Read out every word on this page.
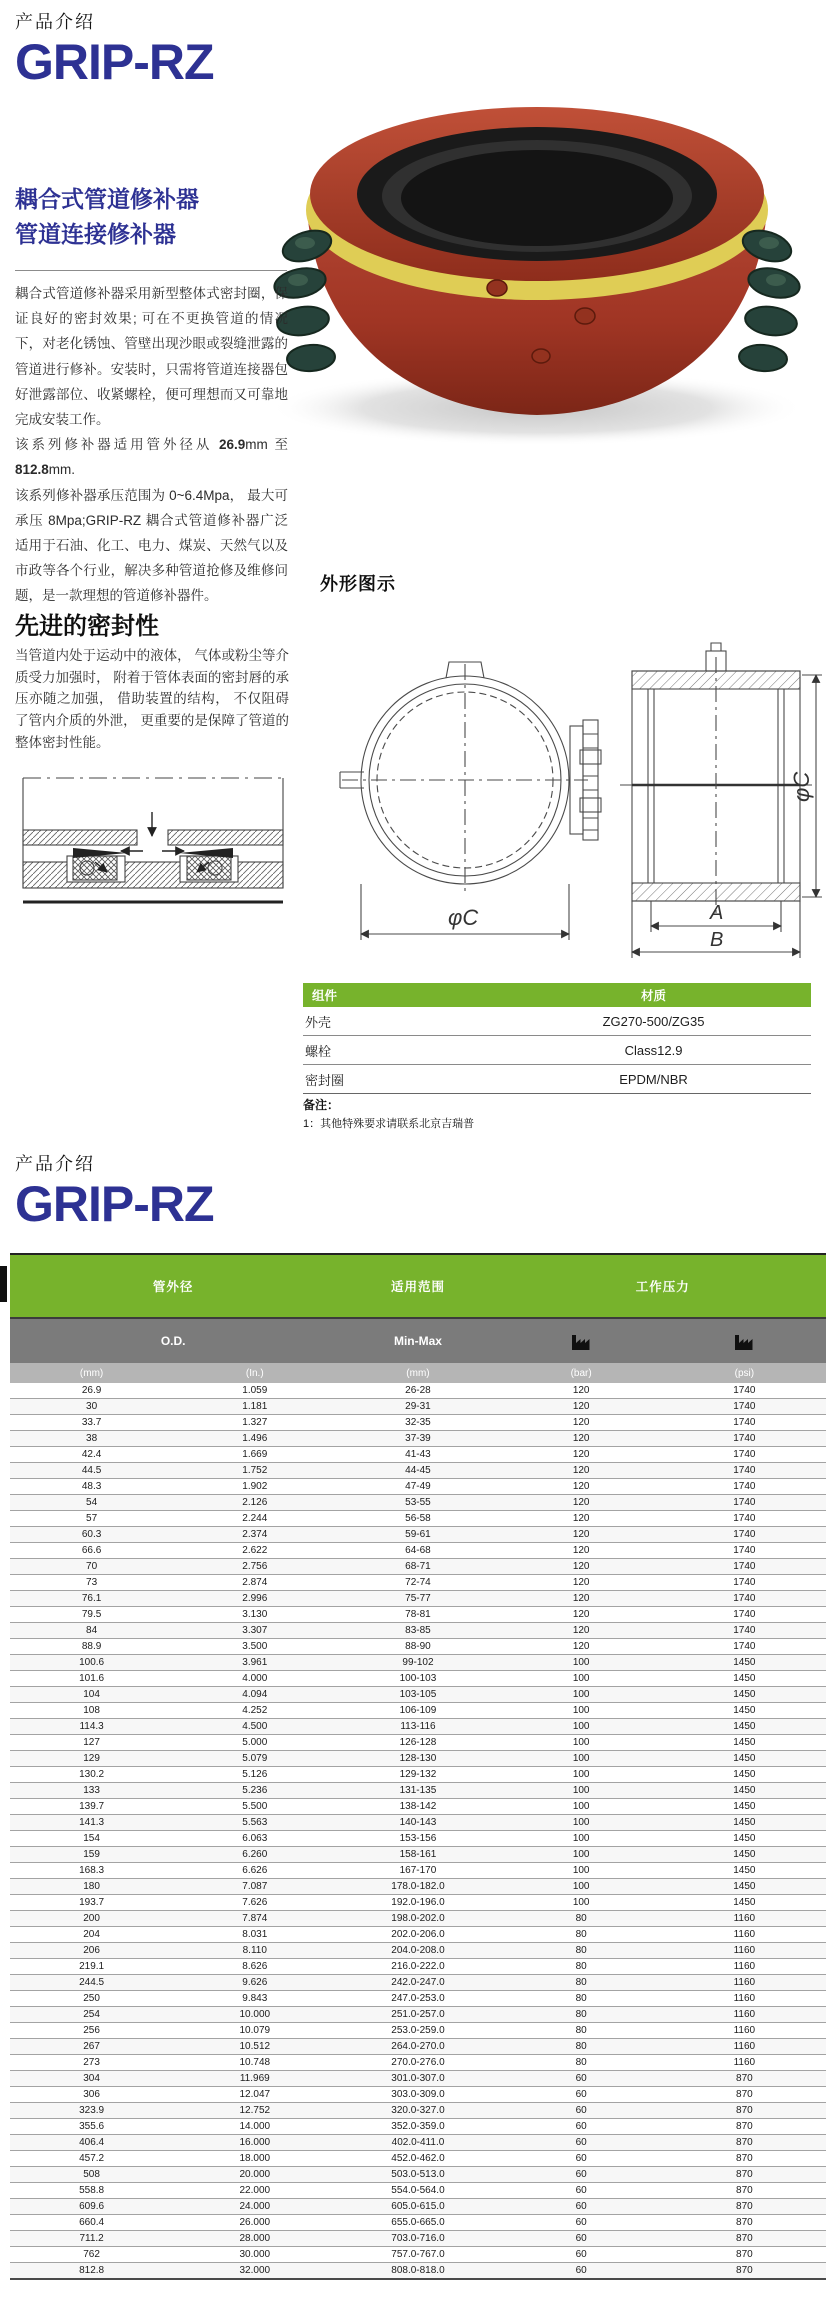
产品介绍
GRIP-RZ
耦合式管道修补器
管道连接修补器

耦合式管道修补器采用新型整体式密封圈，保证良好的密封效果; 可在不更换管道的情况下，对老化锈蚀、管壁出现沙眼或裂缝泄露的管道进行修补。安装时，只需将管道连接器包好泄露部位、收紧螺栓，便可理想而又可靠地完成安装工作。

该系列修补器适用管外径从 26.9mm 至 812.8mm.

该系列修补器承压范围为 0~6.4Mpa， 最大可承压 8Mpa;GRIP-RZ 耦合式管道修补器广泛适用于石油、化工、电力、煤炭、天然气以及市政等各个行业，解决多种管道抢修及维修问题，是一款理想的管道修补器件。

先进的密封性

当管道内处于运动中的液体， 气体或粉尘等介质受力加强时， 附着于管体表面的密封唇的承压亦随之加强， 借助装置的结构， 不仅阻碍了管内介质的外泄， 更重要的是保障了管道的整体密封性能。

外形图示
φC
φC
A
B
组件	材质
外壳	ZG270-500/ZG35
螺栓	Class12.9
密封圈	EPDM/NBR
备注：
1：其他特殊要求请联系北京吉瑞普
产品介绍
GRIP-RZ
管外径		适用范围	工作压力	
O.D.		Min-Max		
(mm)	(In.)	(mm)	(bar)	(psi)
26.9	1.059	26-28	120	1740
30	1.181	29-31	120	1740
33.7	1.327	32-35	120	1740
38	1.496	37-39	120	1740
42.4	1.669	41-43	120	1740
44.5	1.752	44-45	120	1740
48.3	1.902	47-49	120	1740
54	2.126	53-55	120	1740
57	2.244	56-58	120	1740
60.3	2.374	59-61	120	1740
66.6	2.622	64-68	120	1740
70	2.756	68-71	120	1740
73	2.874	72-74	120	1740
76.1	2.996	75-77	120	1740
79.5	3.130	78-81	120	1740
84	3.307	83-85	120	1740
88.9	3.500	88-90	120	1740
100.6	3.961	99-102	100	1450
101.6	4.000	100-103	100	1450
104	4.094	103-105	100	1450
108	4.252	106-109	100	1450
114.3	4.500	113-116	100	1450
127	5.000	126-128	100	1450
129	5.079	128-130	100	1450
130.2	5.126	129-132	100	1450
133	5.236	131-135	100	1450
139.7	5.500	138-142	100	1450
141.3	5.563	140-143	100	1450
154	6.063	153-156	100	1450
159	6.260	158-161	100	1450
168.3	6.626	167-170	100	1450
180	7.087	178.0-182.0	100	1450
193.7	7.626	192.0-196.0	100	1450
200	7.874	198.0-202.0	80	1160
204	8.031	202.0-206.0	80	1160
206	8.110	204.0-208.0	80	1160
219.1	8.626	216.0-222.0	80	1160
244.5	9.626	242.0-247.0	80	1160
250	9.843	247.0-253.0	80	1160
254	10.000	251.0-257.0	80	1160
256	10.079	253.0-259.0	80	1160
267	10.512	264.0-270.0	80	1160
273	10.748	270.0-276.0	80	1160
304	11.969	301.0-307.0	60	870
306	12.047	303.0-309.0	60	870
323.9	12.752	320.0-327.0	60	870
355.6	14.000	352.0-359.0	60	870
406.4	16.000	402.0-411.0	60	870
457.2	18.000	452.0-462.0	60	870
508	20.000	503.0-513.0	60	870
558.8	22.000	554.0-564.0	60	870
609.6	24.000	605.0-615.0	60	870
660.4	26.000	655.0-665.0	60	870
711.2	28.000	703.0-716.0	60	870
762	30.000	757.0-767.0	60	870
812.8	32.000	808.0-818.0	60	870
